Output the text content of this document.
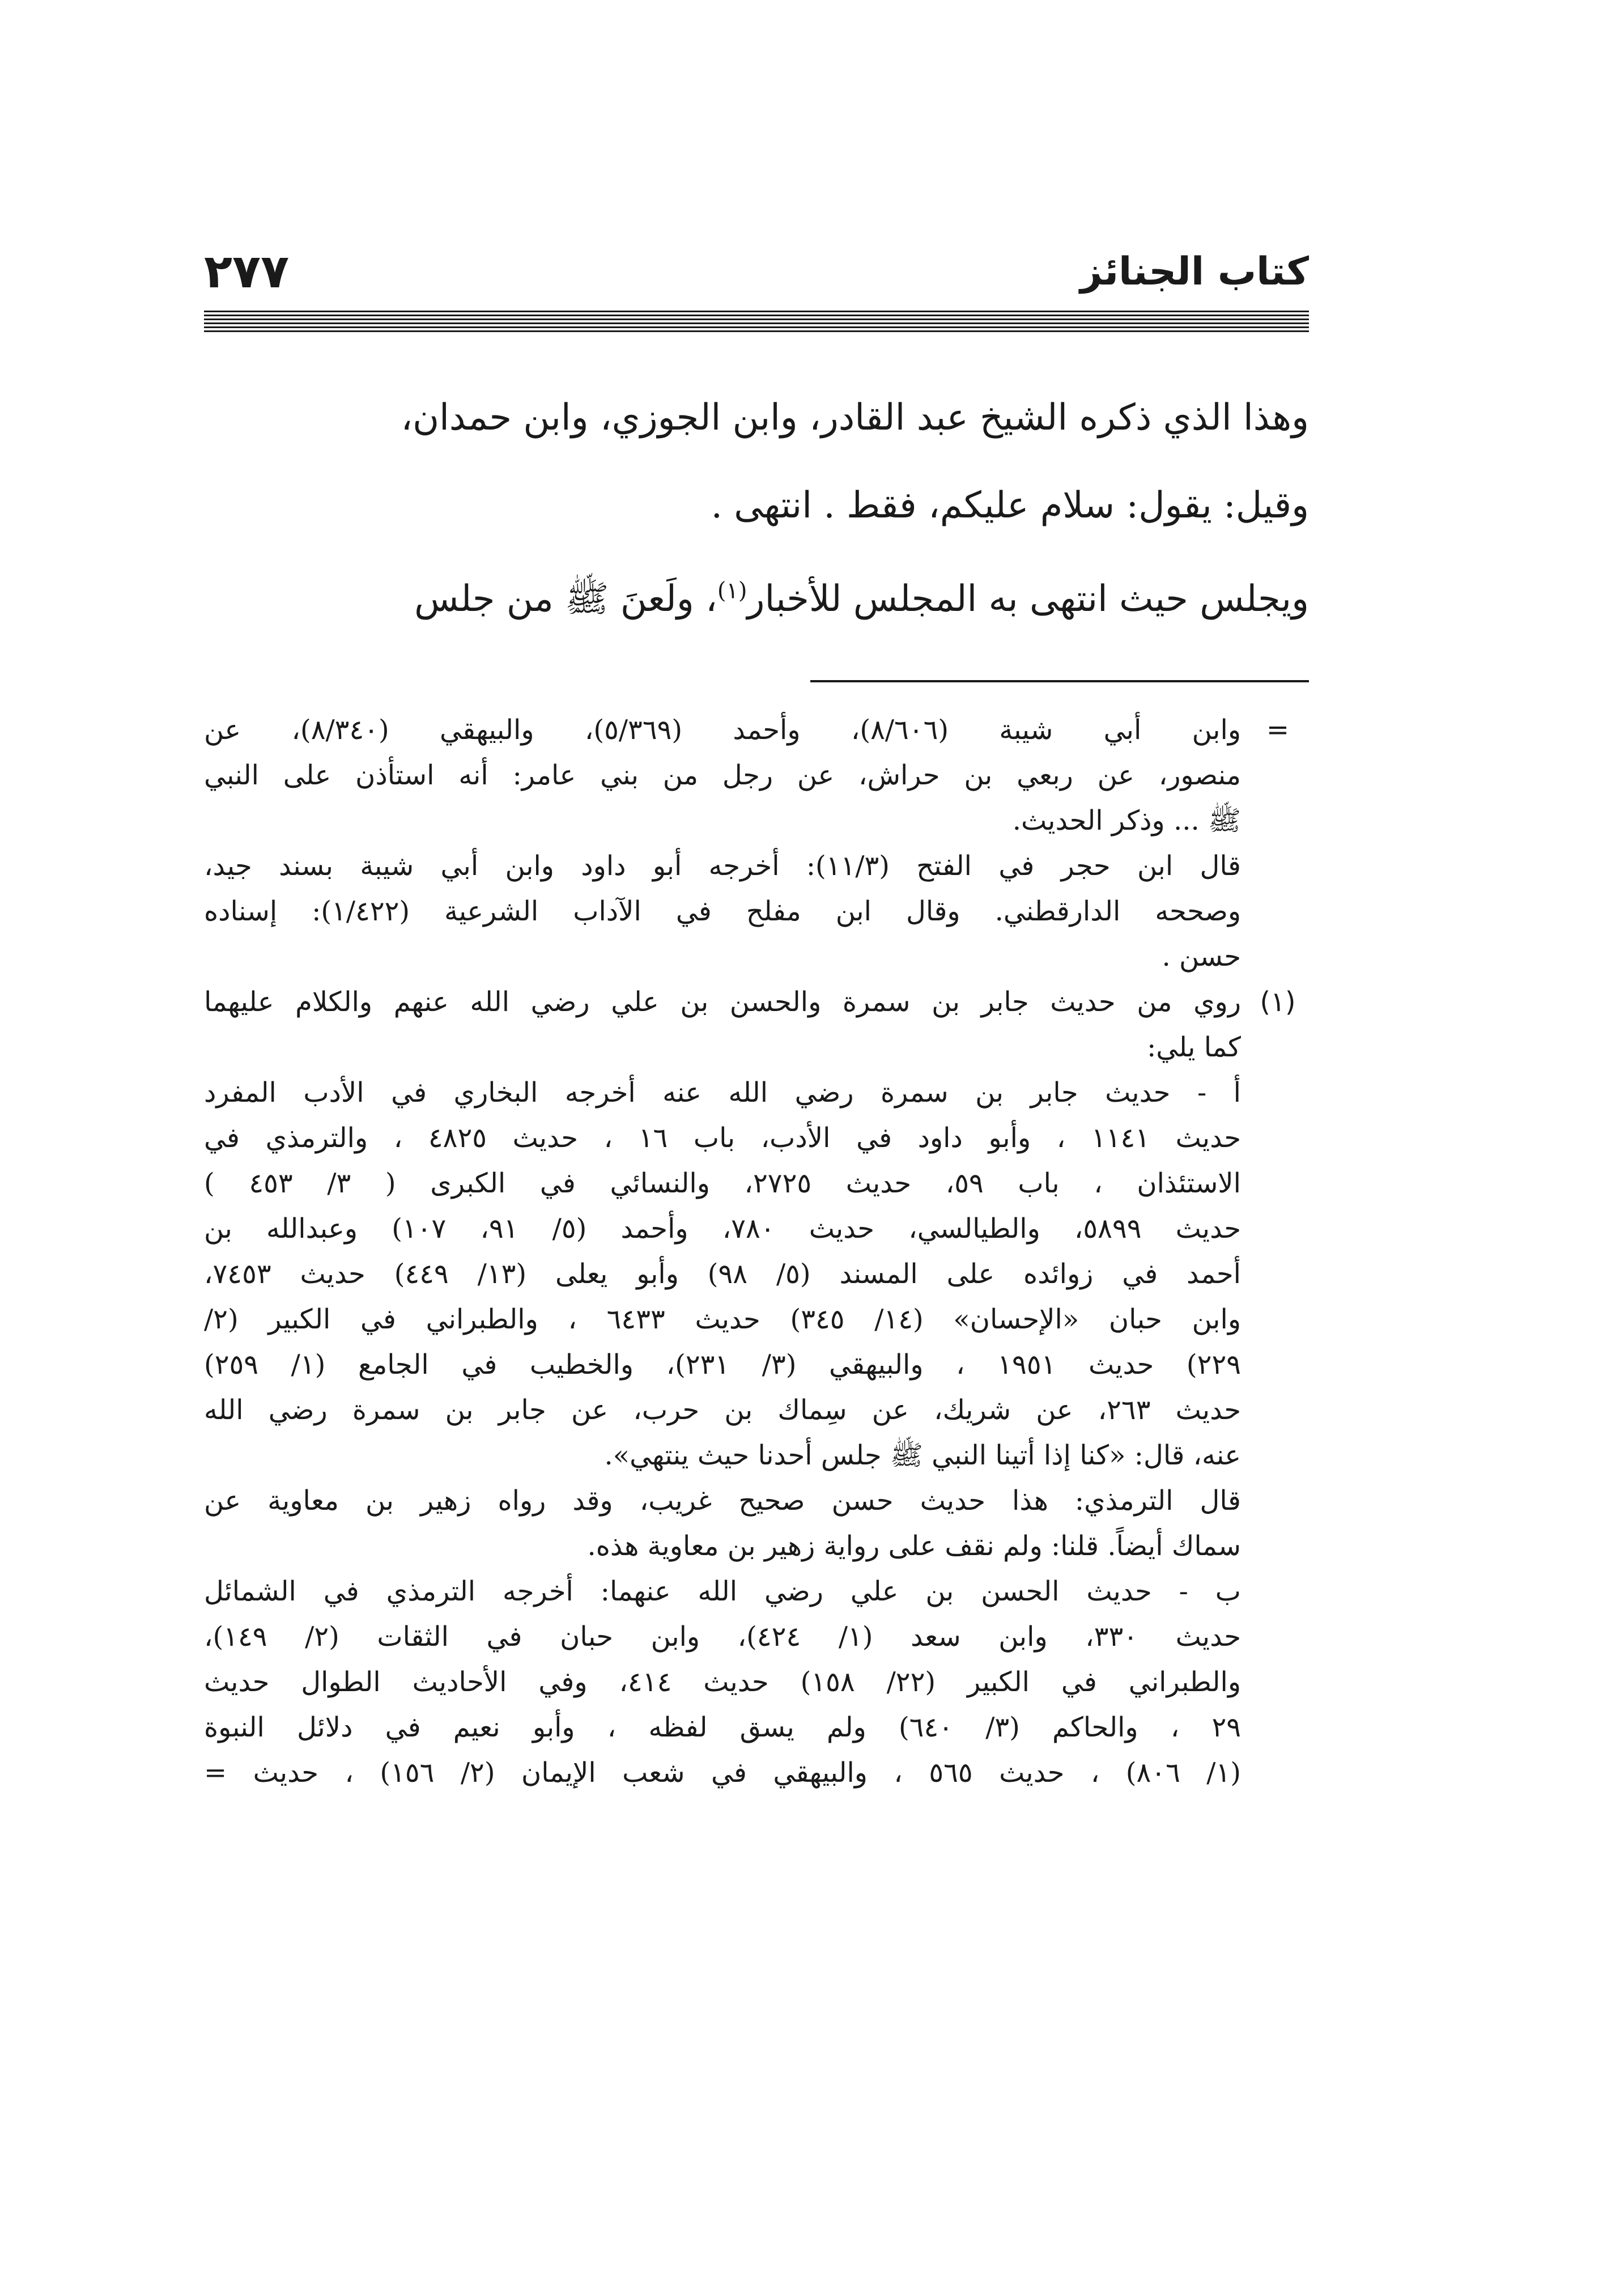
٢٧٧	كتاب الجنائز
وهذا الذي ذكره الشيخ عبد القادر، وابن الجوزي، وابن حمدان،
وقيل: يقول: سلام عليكم، فقط . انتهى .
ويجلس حيث انتهى به المجلس للأخبار$^{(١)}$، ولَعنَ ﷺ من جلس
=
وابن أبي شيبة (٨/٦٠٦)، وأحمد (٥/٣٦٩)، والبيهقي (٨/٣٤٠)، عن
منصور، عن ربعي بن حراش، عن رجل من بني عامر: أنه استأذن على النبي
ﷺ ... وذكر الحديث.
قال ابن حجر في الفتح (١١/٣): أخرجه أبو داود وابن أبي شيبة بسند جيد،
وصححه الدارقطني. وقال ابن مفلح في الآداب الشرعية (١/٤٢٢): إسناده
حسن .
(١)
روي من حديث جابر بن سمرة والحسن بن علي رضي الله عنهم والكلام عليهما
كما يلي:
أ - حديث جابر بن سمرة رضي الله عنه أخرجه البخاري في الأدب المفرد
حديث ١١٤١ ، وأبو داود في الأدب، باب ١٦ ، حديث ٤٨٢٥ ، والترمذي في
الاستئذان ، باب ٥٩، حديث ٢٧٢٥، والنسائي في الكبرى ( ٣/ ٤٥٣ )
حديث ٥٨٩٩، والطيالسي، حديث ٧٨٠، وأحمد (٥/ ٩١، ١٠٧) وعبدالله بن
أحمد في زوائده على المسند (٥/ ٩٨) وأبو يعلى (١٣/ ٤٤٩) حديث ٧٤٥٣،
وابن حبان «الإحسان» (١٤/ ٣٤٥) حديث ٦٤٣٣ ، والطبراني في الكبير (٢/
٢٢٩) حديث ١٩٥١ ، والبيهقي (٣/ ٢٣١)، والخطيب في الجامع (١/ ٢٥٩)
حديث ٢٦٣، عن شريك، عن سِماك بن حرب، عن جابر بن سمرة رضي الله
عنه، قال: «كنا إذا أتينا النبي ﷺ جلس أحدنا حيث ينتهي».
قال الترمذي: هذا حديث حسن صحيح غريب، وقد رواه زهير بن معاوية عن
سماك أيضاً. قلنا: ولم نقف على رواية زهير بن معاوية هذه.
ب - حديث الحسن بن علي رضي الله عنهما: أخرجه الترمذي في الشمائل
حديث ٣٣٠، وابن سعد (١/ ٤٢٤)، وابن حبان في الثقات (٢/ ١٤٩)،
والطبراني في الكبير (٢٢/ ١٥٨) حديث ٤١٤، وفي الأحاديث الطوال حديث
٢٩ ، والحاكم (٣/ ٦٤٠) ولم يسق لفظه ، وأبو نعيم في دلائل النبوة
(١/ ٨٠٦) ، حديث ٥٦٥ ، والبيهقي في شعب الإيمان (٢/ ١٥٦) ، حديث =
